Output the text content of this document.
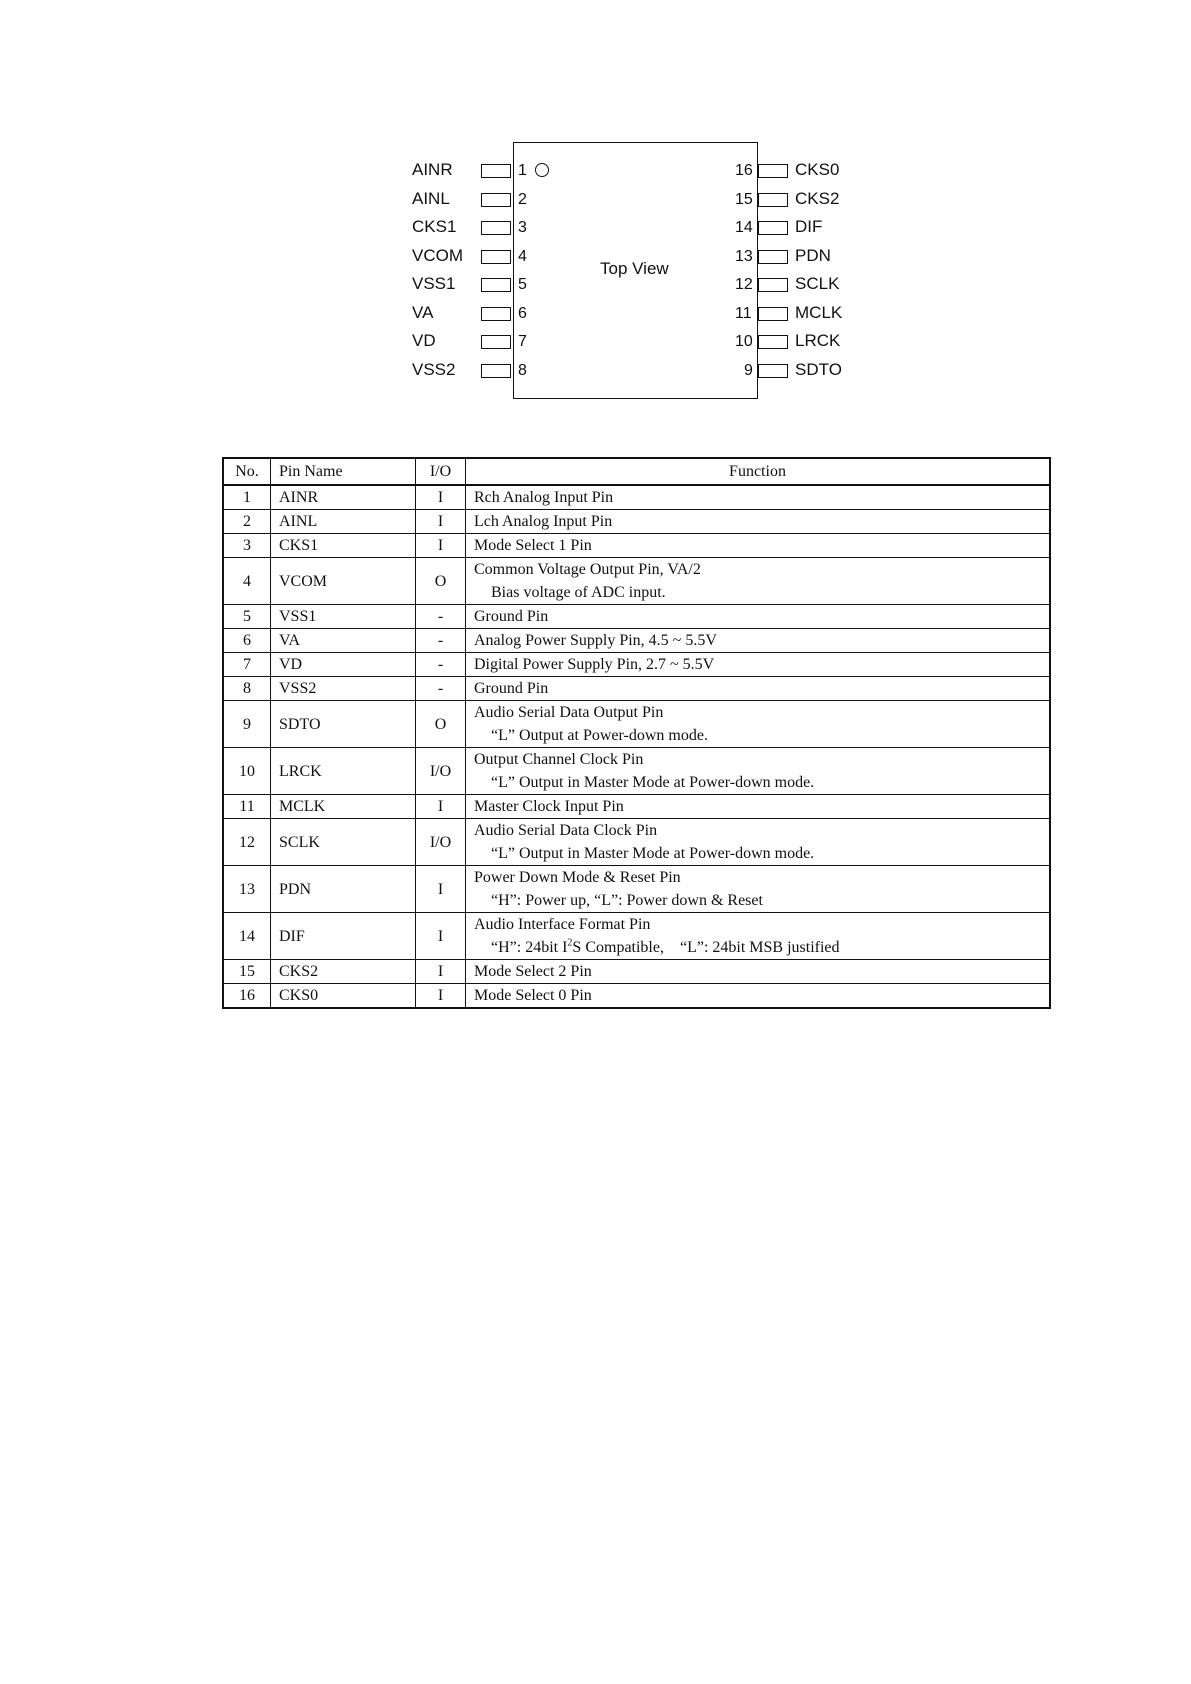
Top View
AINR
AINL
CKS1
VCOM
VSS1
VA
VD
VSS2
1
2
3
4
5
6
7
8
16
15
14
13
12
11
10
9
CKS0
CKS2
DIF
PDN
SCLK
MCLK
LRCK
SDTO
No.	Pin Name	I/O	Function
1	AINR	I	Rch Analog Input Pin
2	AINL	I	Lch Analog Input Pin
3	CKS1	I	Mode Select 1 Pin
4	VCOM	O	Common Voltage Output Pin, VA/2
Bias voltage of ADC input.

5	VSS1	-	Ground Pin
6	VA	-	Analog Power Supply Pin, 4.5 ~ 5.5V
7	VD	-	Digital Power Supply Pin, 2.7 ~ 5.5V
8	VSS2	-	Ground Pin
9	SDTO	O	Audio Serial Data Output Pin
“L” Output at Power-down mode.

10	LRCK	I/O	Output Channel Clock Pin
“L” Output in Master Mode at Power-down mode.

11	MCLK	I	Master Clock Input Pin
12	SCLK	I/O	Audio Serial Data Clock Pin
“L” Output in Master Mode at Power-down mode.

13	PDN	I	Power Down Mode & Reset Pin
“H”: Power up, “L”: Power down & Reset

14	DIF	I	Audio Interface Format Pin
“H”: 24bit $I^2S$ Compatible,    “L”: 24bit MSB justified

15	CKS2	I	Mode Select 2 Pin
16	CKS0	I	Mode Select 0 Pin
